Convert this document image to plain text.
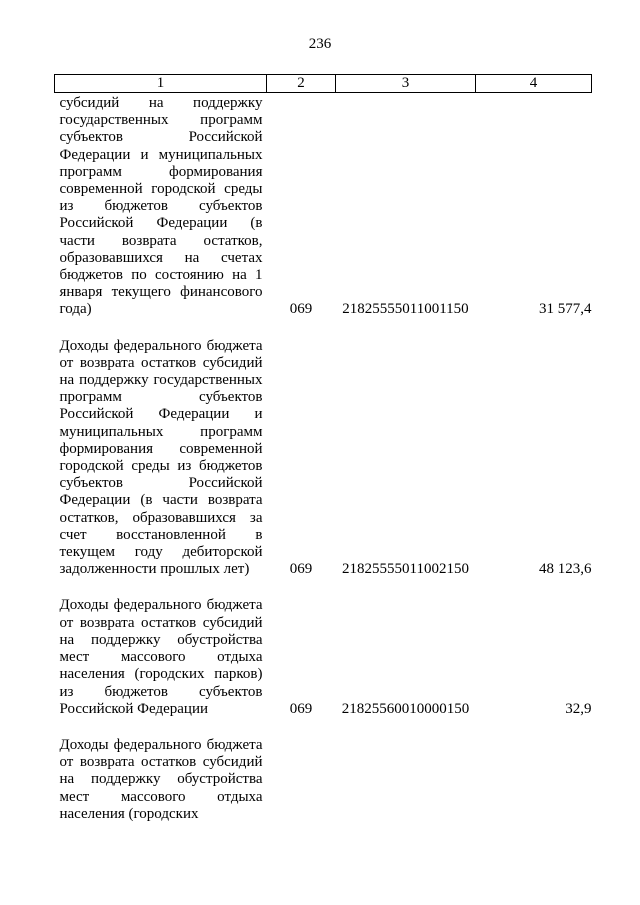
236
1	2	3	4
субсидий на поддержку государственных программ субъектов Российской Федерации и муниципальных программ формирования современной городской среды из бюджетов субъектов Российской Федерации (в части возврата остатков, образовавшихся на счетах бюджетов по состоянию на 1 января текущего финансового года)	069	21825555011001150	31 577,4
Доходы федерального бюджета от возврата остатков субсидий на поддержку государственных программ субъектов Российской Федерации и муниципальных программ формирования современной городской среды из бюджетов субъектов Российской Федерации (в части возврата остатков, образовавшихся за счет восстановленной в текущем году дебиторской задолженности прошлых лет)	069	21825555011002150	48 123,6
Доходы федерального бюджета от возврата остатков субсидий на поддержку обустройства мест массового отдыха населения (городских парков) из бюджетов субъектов Российской Федерации	069	21825560010000150	32,9
Доходы федерального бюджета от возврата остатков субсидий на поддержку обустройства мест массового отдыха населения (городских			
